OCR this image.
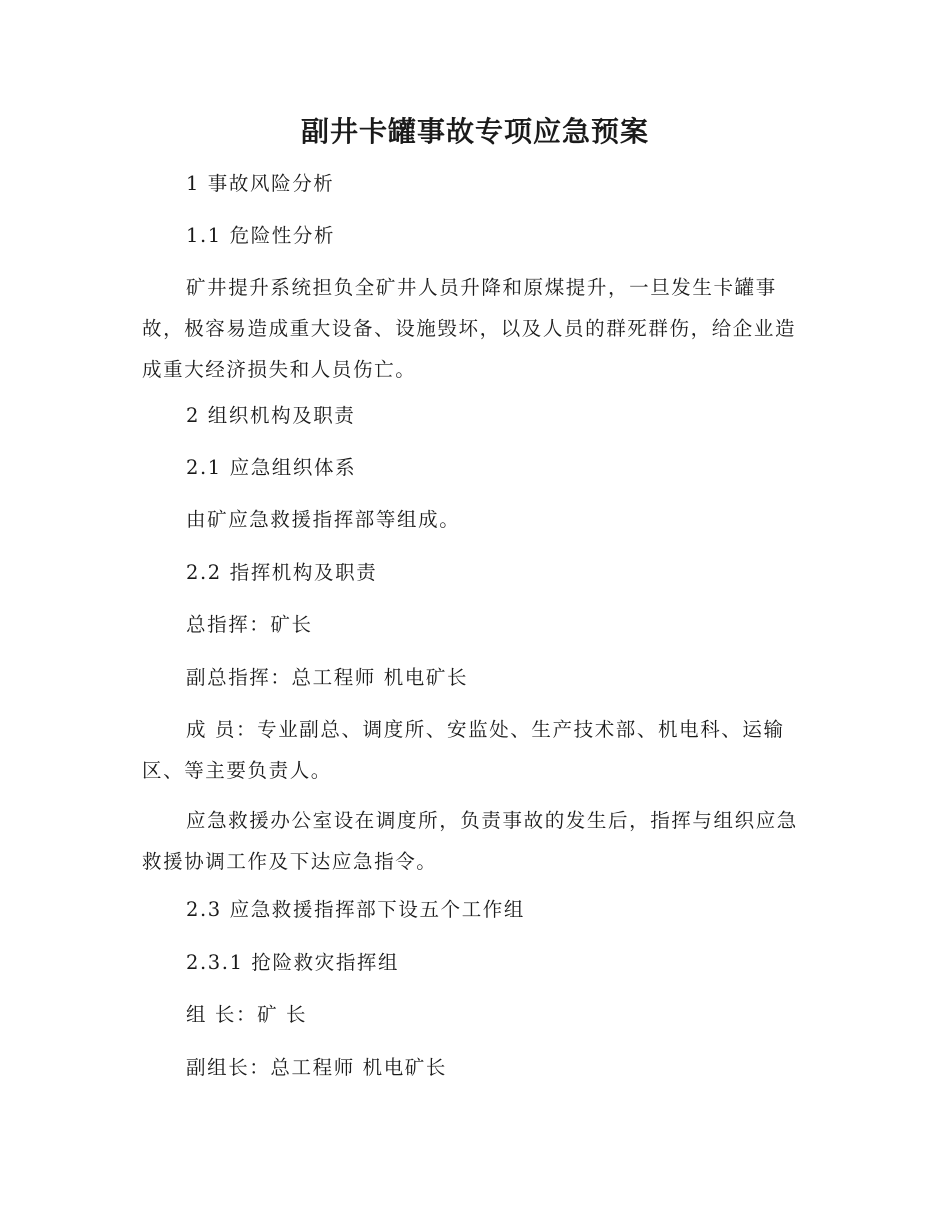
副井卡罐事故专项应急预案
1 事故风险分析
1.1 危险性分析
矿井提升系统担负全矿井人员升降和原煤提升，一旦发生卡罐事故，极容易造成重大设备、设施毁坏，以及人员的群死群伤，给企业造成重大经济损失和人员伤亡。
2 组织机构及职责
2.1 应急组织体系
由矿应急救援指挥部等组成。
2.2 指挥机构及职责
总指挥：矿长
副总指挥：总工程师 机电矿长
成 员：专业副总、调度所、安监处、生产技术部、机电科、运输区、等主要负责人。
应急救援办公室设在调度所，负责事故的发生后，指挥与组织应急救援协调工作及下达应急指令。
2.3 应急救援指挥部下设五个工作组
2.3.1 抢险救灾指挥组
组 长：矿 长
副组长：总工程师 机电矿长
